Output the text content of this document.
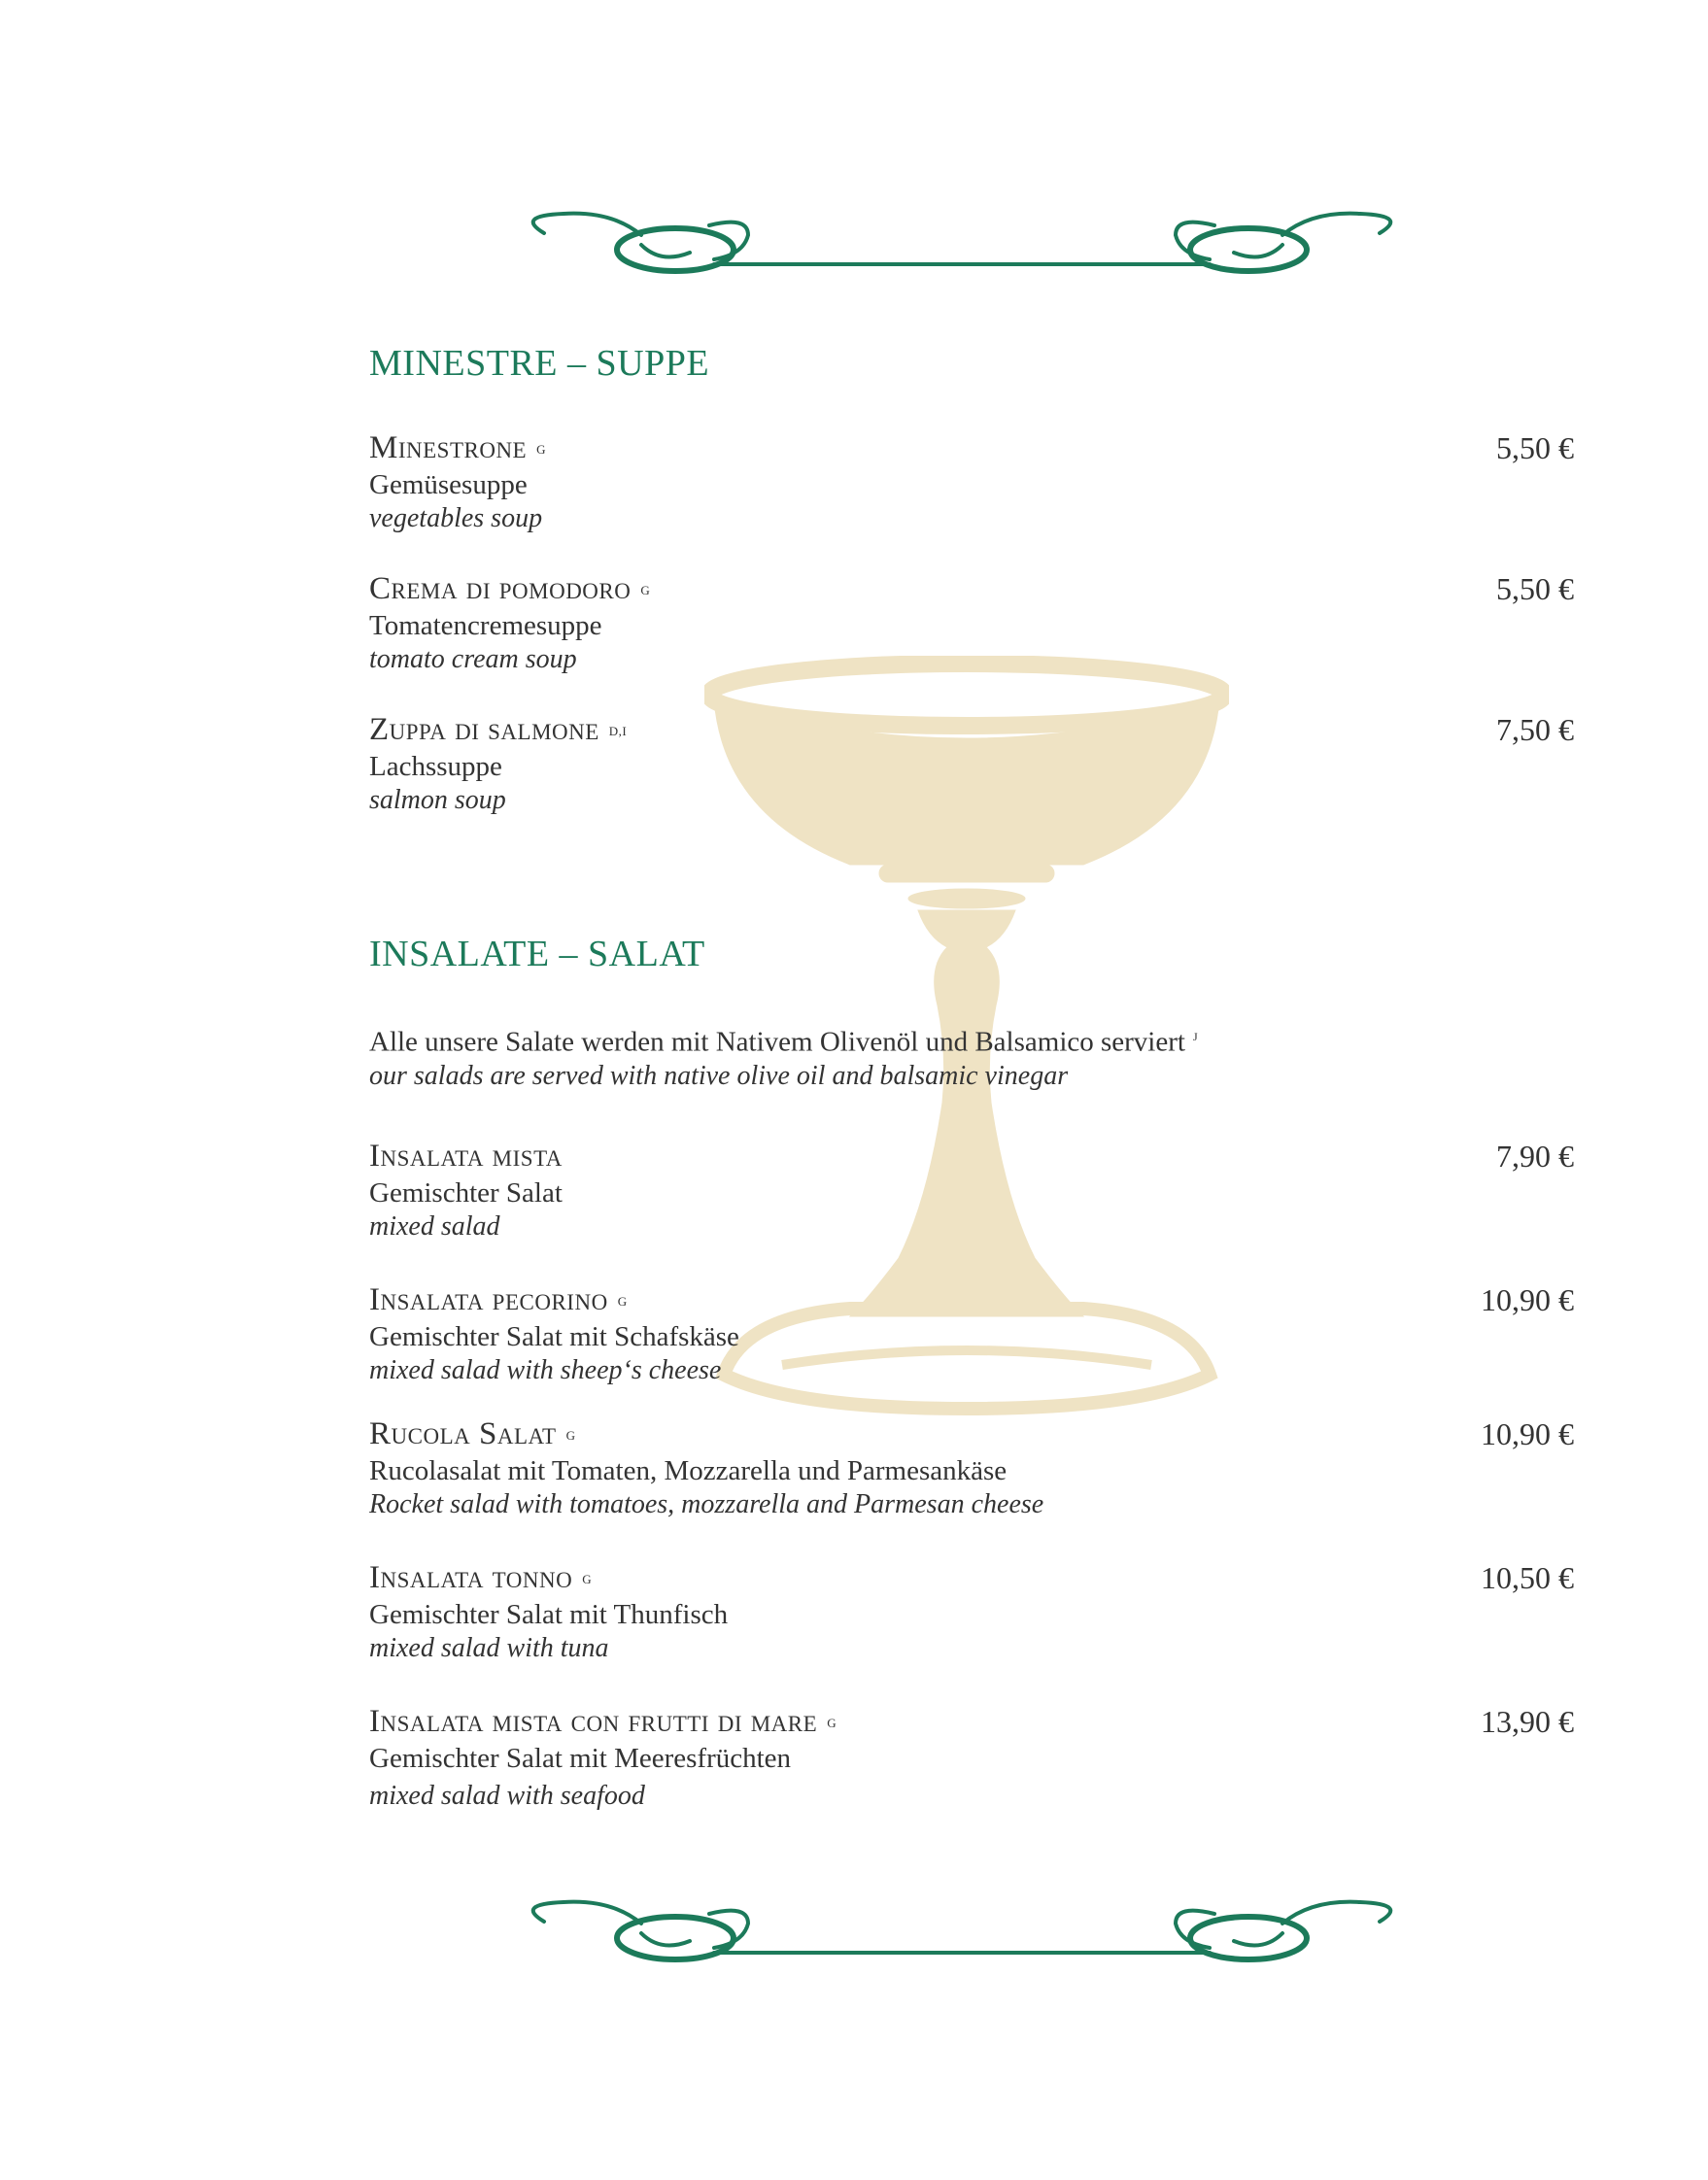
MINESTRE – SUPPE
Minestrone $^G$
Gemüsesuppe
vegetables soup
5,50 €
Crema di pomodoro $^G$
Tomatencremesuppe
tomato cream soup
5,50 €
Zuppa di salmone $^{D,I}$
Lachssuppe
salmon soup
7,50 €
INSALATE – SALAT
Alle unsere Salate werden mit Nativem Olivenöl und Balsamico serviert $^J$
our salads are served with native olive oil and balsamic vinegar
Insalata mista
Gemischter Salat
mixed salad
7,90 €
Insalata pecorino $^G$
Gemischter Salat mit Schafskäse
mixed salad with sheep‘s cheese
10,90 €
Rucola Salat $^G$
Rucolasalat mit Tomaten, Mozzarella und Parmesankäse
Rocket salad with tomatoes, mozzarella and Parmesan cheese
10,90 €
Insalata tonno $^G$
Gemischter Salat mit Thunfisch
mixed salad with tuna
10,50 €
Insalata mista con frutti di mare $^G$
Gemischter Salat mit Meeresfrüchten
mixed salad with seafood
13,90 €
